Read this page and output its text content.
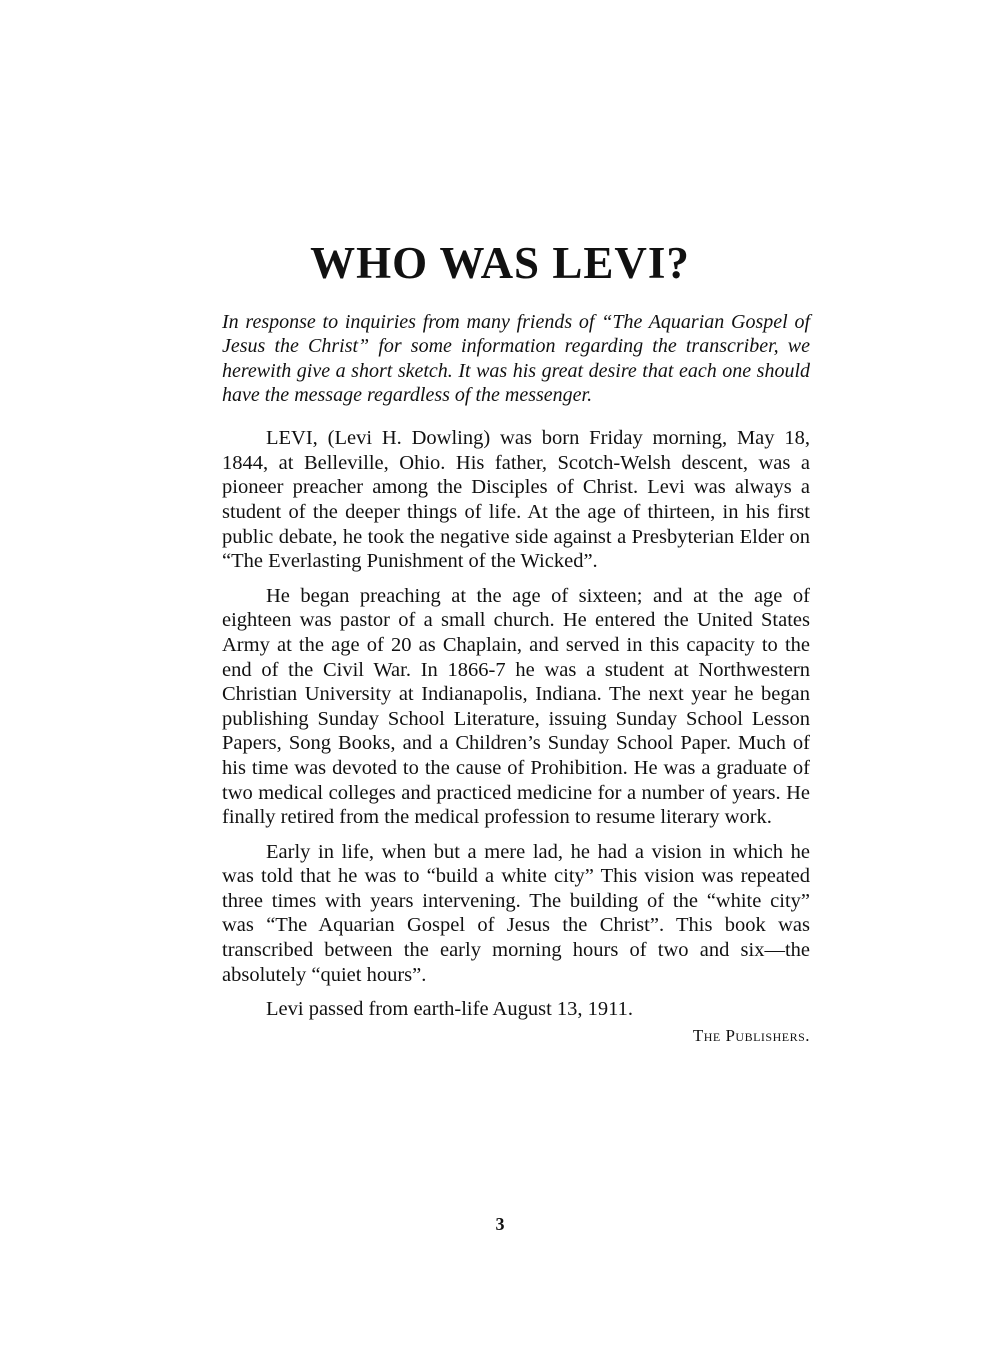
WHO WAS LEVI?

In response to inquiries from many friends of “The Aquarian Gospel of Jesus the Christ” for some information regarding the transcriber, we herewith give a short sketch. It was his great desire that each one should have the message regardless of the messenger.

LEVI, (Levi H. Dowling) was born Friday morning, May 18, 1844, at Belleville, Ohio. His father, Scotch-Welsh descent, was a pioneer preacher among the Disciples of Christ. Levi was always a student of the deeper things of life. At the age of thirteen, in his first public debate, he took the negative side against a Presbyterian Elder on “The Everlasting Punishment of the Wicked”.

He began preaching at the age of sixteen; and at the age of eighteen was pastor of a small church. He entered the United States Army at the age of 20 as Chaplain, and served in this capacity to the end of the Civil War. In 1866-7 he was a student at Northwestern Christian University at Indianapolis, Indiana. The next year he began publishing Sunday School Literature, issuing Sunday School Lesson Papers, Song Books, and a Children’s Sunday School Paper. Much of his time was devoted to the cause of Prohibition. He was a graduate of two medical colleges and practiced medicine for a number of years. He finally retired from the medical profession to resume literary work.

Early in life, when but a mere lad, he had a vision in which he was told that he was to “build a white city” This vision was repeated three times with years intervening. The building of the “white city” was “The Aquarian Gospel of Jesus the Christ”. This book was transcribed between the early morning hours of two and six—the absolutely “quiet hours”.

Levi passed from earth-life August 13, 1911.

The Publishers.

3
